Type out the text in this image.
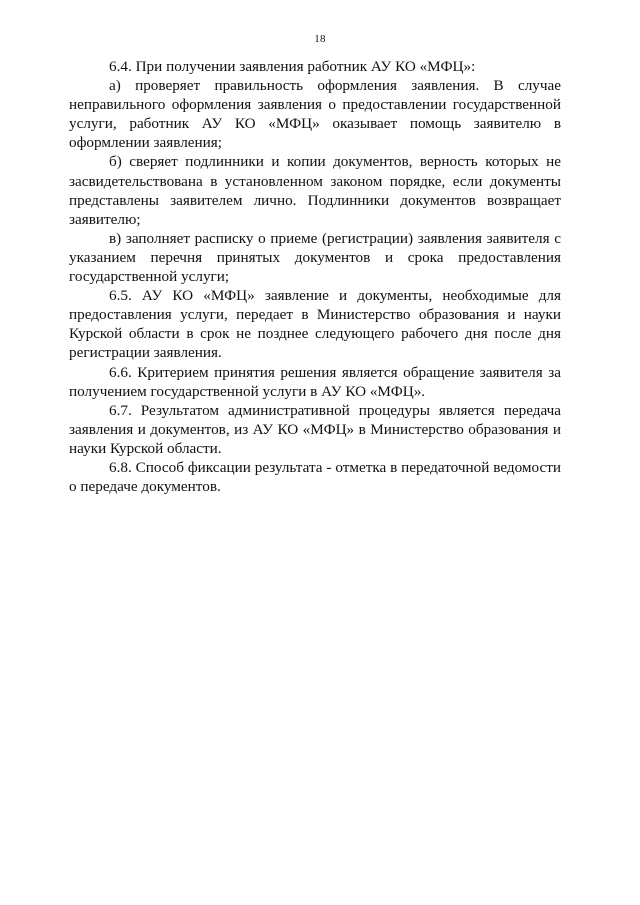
18

6.4. При получении заявления работник АУ КО «МФЦ»:

а) проверяет правильность оформления заявления. В случае неправильного оформления заявления о предоставлении государственной услуги, работник АУ КО «МФЦ» оказывает помощь заявителю в оформлении заявления;

б) сверяет подлинники и копии документов, верность которых не засвидетельствована в установленном законом порядке, если документы представлены заявителем лично. Подлинники документов возвращает заявителю;

в) заполняет расписку о приеме (регистрации) заявления заявителя с указанием перечня принятых документов и срока предоставления государственной услуги;

6.5. АУ КО «МФЦ» заявление и документы, необходимые для предоставления услуги, передает в Министерство образования и науки Курской области в срок не позднее следующего рабочего дня после дня регистрации заявления.

6.6. Критерием принятия решения является обращение заявителя за получением государственной услуги в АУ КО «МФЦ».

6.7. Результатом административной процедуры является передача заявления и документов, из АУ КО «МФЦ» в Министерство образования и науки Курской области.

6.8. Способ фиксации результата - отметка в передаточной ведомости о передаче документов.
